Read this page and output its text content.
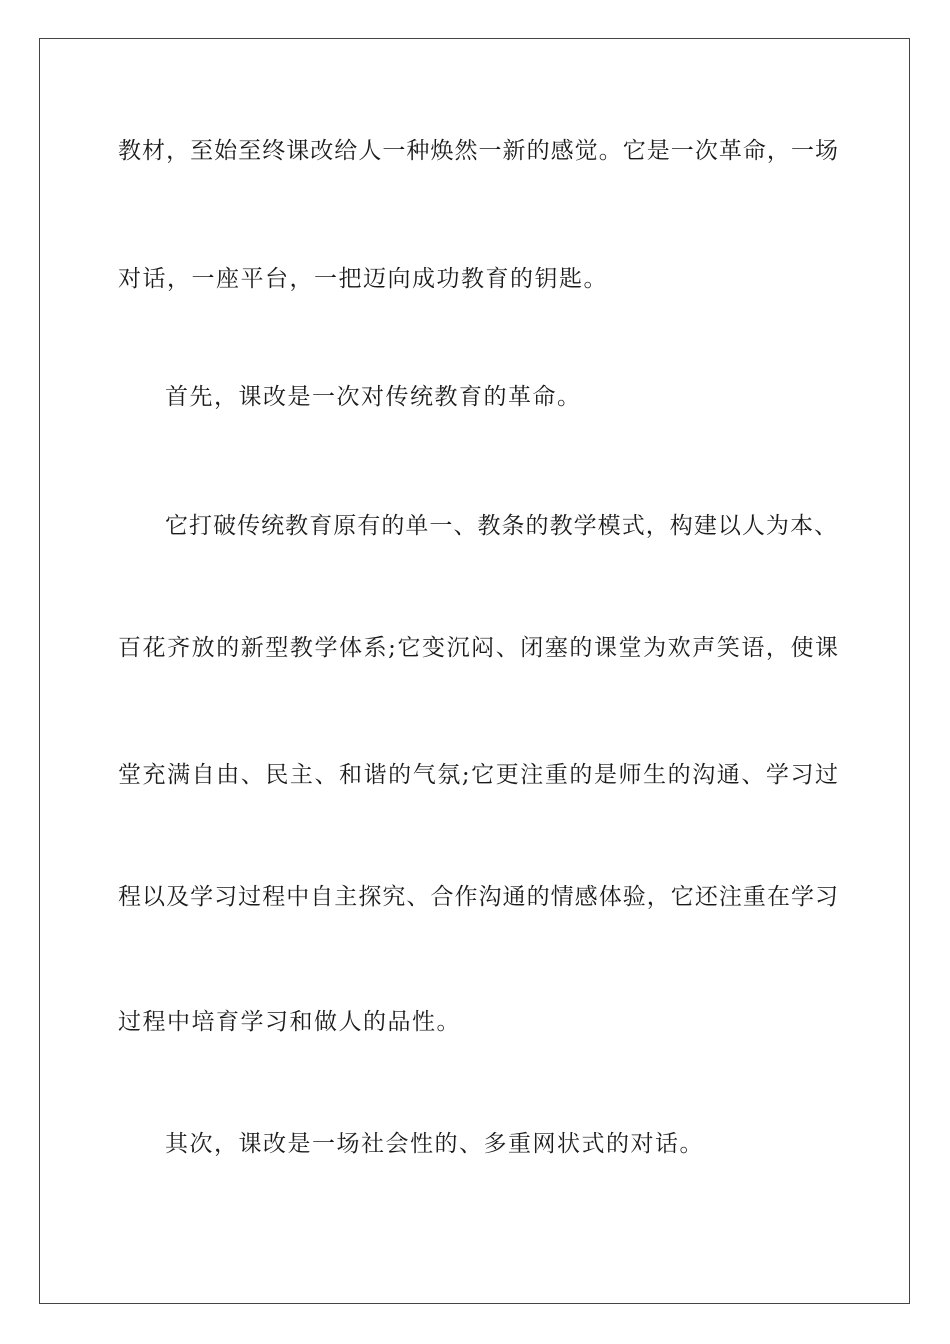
教材，至始至终课改给人一种焕然一新的感觉。它是一次革命，一场
对话，一座平台，一把迈向成功教育的钥匙。
首先，课改是一次对传统教育的革命。
它打破传统教育原有的单一、教条的教学模式，构建以人为本、
百花齐放的新型教学体系;它变沉闷、闭塞的课堂为欢声笑语，使课
堂充满自由、民主、和谐的气氛;它更注重的是师生的沟通、学习过
程以及学习过程中自主探究、合作沟通的情感体验，它还注重在学习
过程中培育学习和做人的品性。
其次，课改是一场社会性的、多重网状式的对话。
